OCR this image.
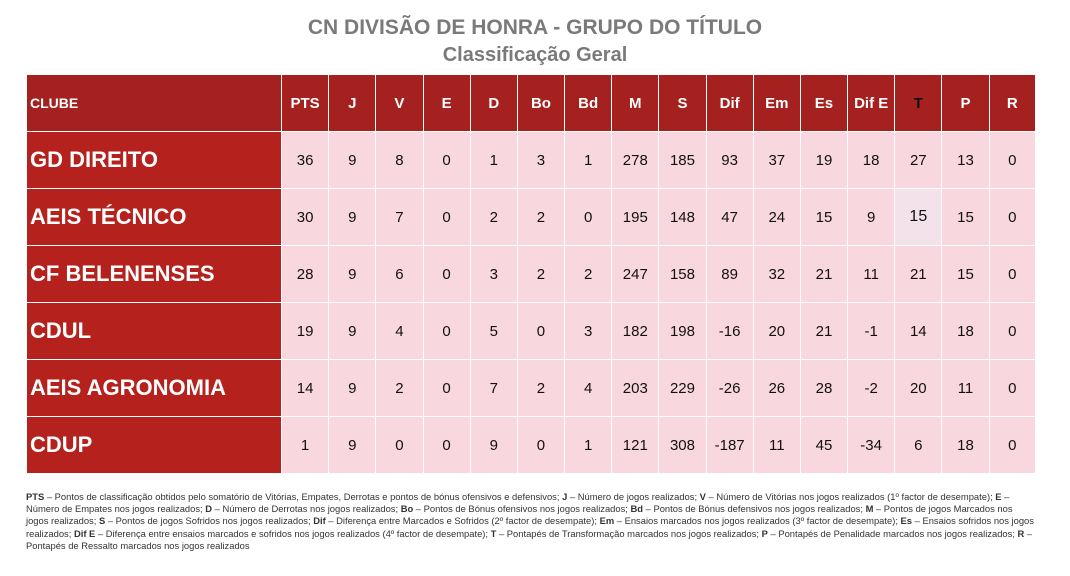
CN DIVISÃO DE HONRA - GRUPO DO TÍTULO
Classificação Geral
CLUBE	PTS	J	V	E	D	Bo	Bd	M	S	Dif	Em	Es	Dif E	T	P	R
GD DIREITO	36	9	8	0	1	3	1	278	185	93	37	19	18	27	13	0
AEIS TÉCNICO	30	9	7	0	2	2	0	195	148	47	24	15	9	15	15	0
CF BELENENSES	28	9	6	0	3	2	2	247	158	89	32	21	11	21	15	0
CDUL	19	9	4	0	5	0	3	182	198	-16	20	21	-1	14	18	0
AEIS AGRONOMIA	14	9	2	0	7	2	4	203	229	-26	26	28	-2	20	11	0
CDUP	1	9	0	0	9	0	1	121	308	-187	11	45	-34	6	18	0
PTS – Pontos de classificação obtidos pelo somatório de Vitórias, Empates, Derrotas e pontos de bónus ofensivos e defensivos; J – Número de jogos realizados; V – Número de Vitórias nos jogos realizados (1º factor de desempate); E – Número de Empates nos jogos realizados; D – Número de Derrotas nos jogos realizados; Bo – Pontos de Bónus ofensivos nos jogos realizados; Bd – Pontos de Bónus defensivos nos jogos realizados; M – Pontos de jogos Marcados nos jogos realizados; S – Pontos de jogos Sofridos nos jogos realizados; Dif – Diferença entre Marcados e Sofridos (2º factor de desempate); Em – Ensaios marcados nos jogos realizados (3º factor de desempate); Es – Ensaios sofridos nos jogos realizados; Dif E – Diferença entre ensaios marcados e sofridos nos jogos realizados (4º factor de desempate); T – Pontapés de Transformação marcados nos jogos realizados; P – Pontapés de Penalidade marcados nos jogos realizados; R – Pontapés de Ressalto marcados nos jogos realizados
